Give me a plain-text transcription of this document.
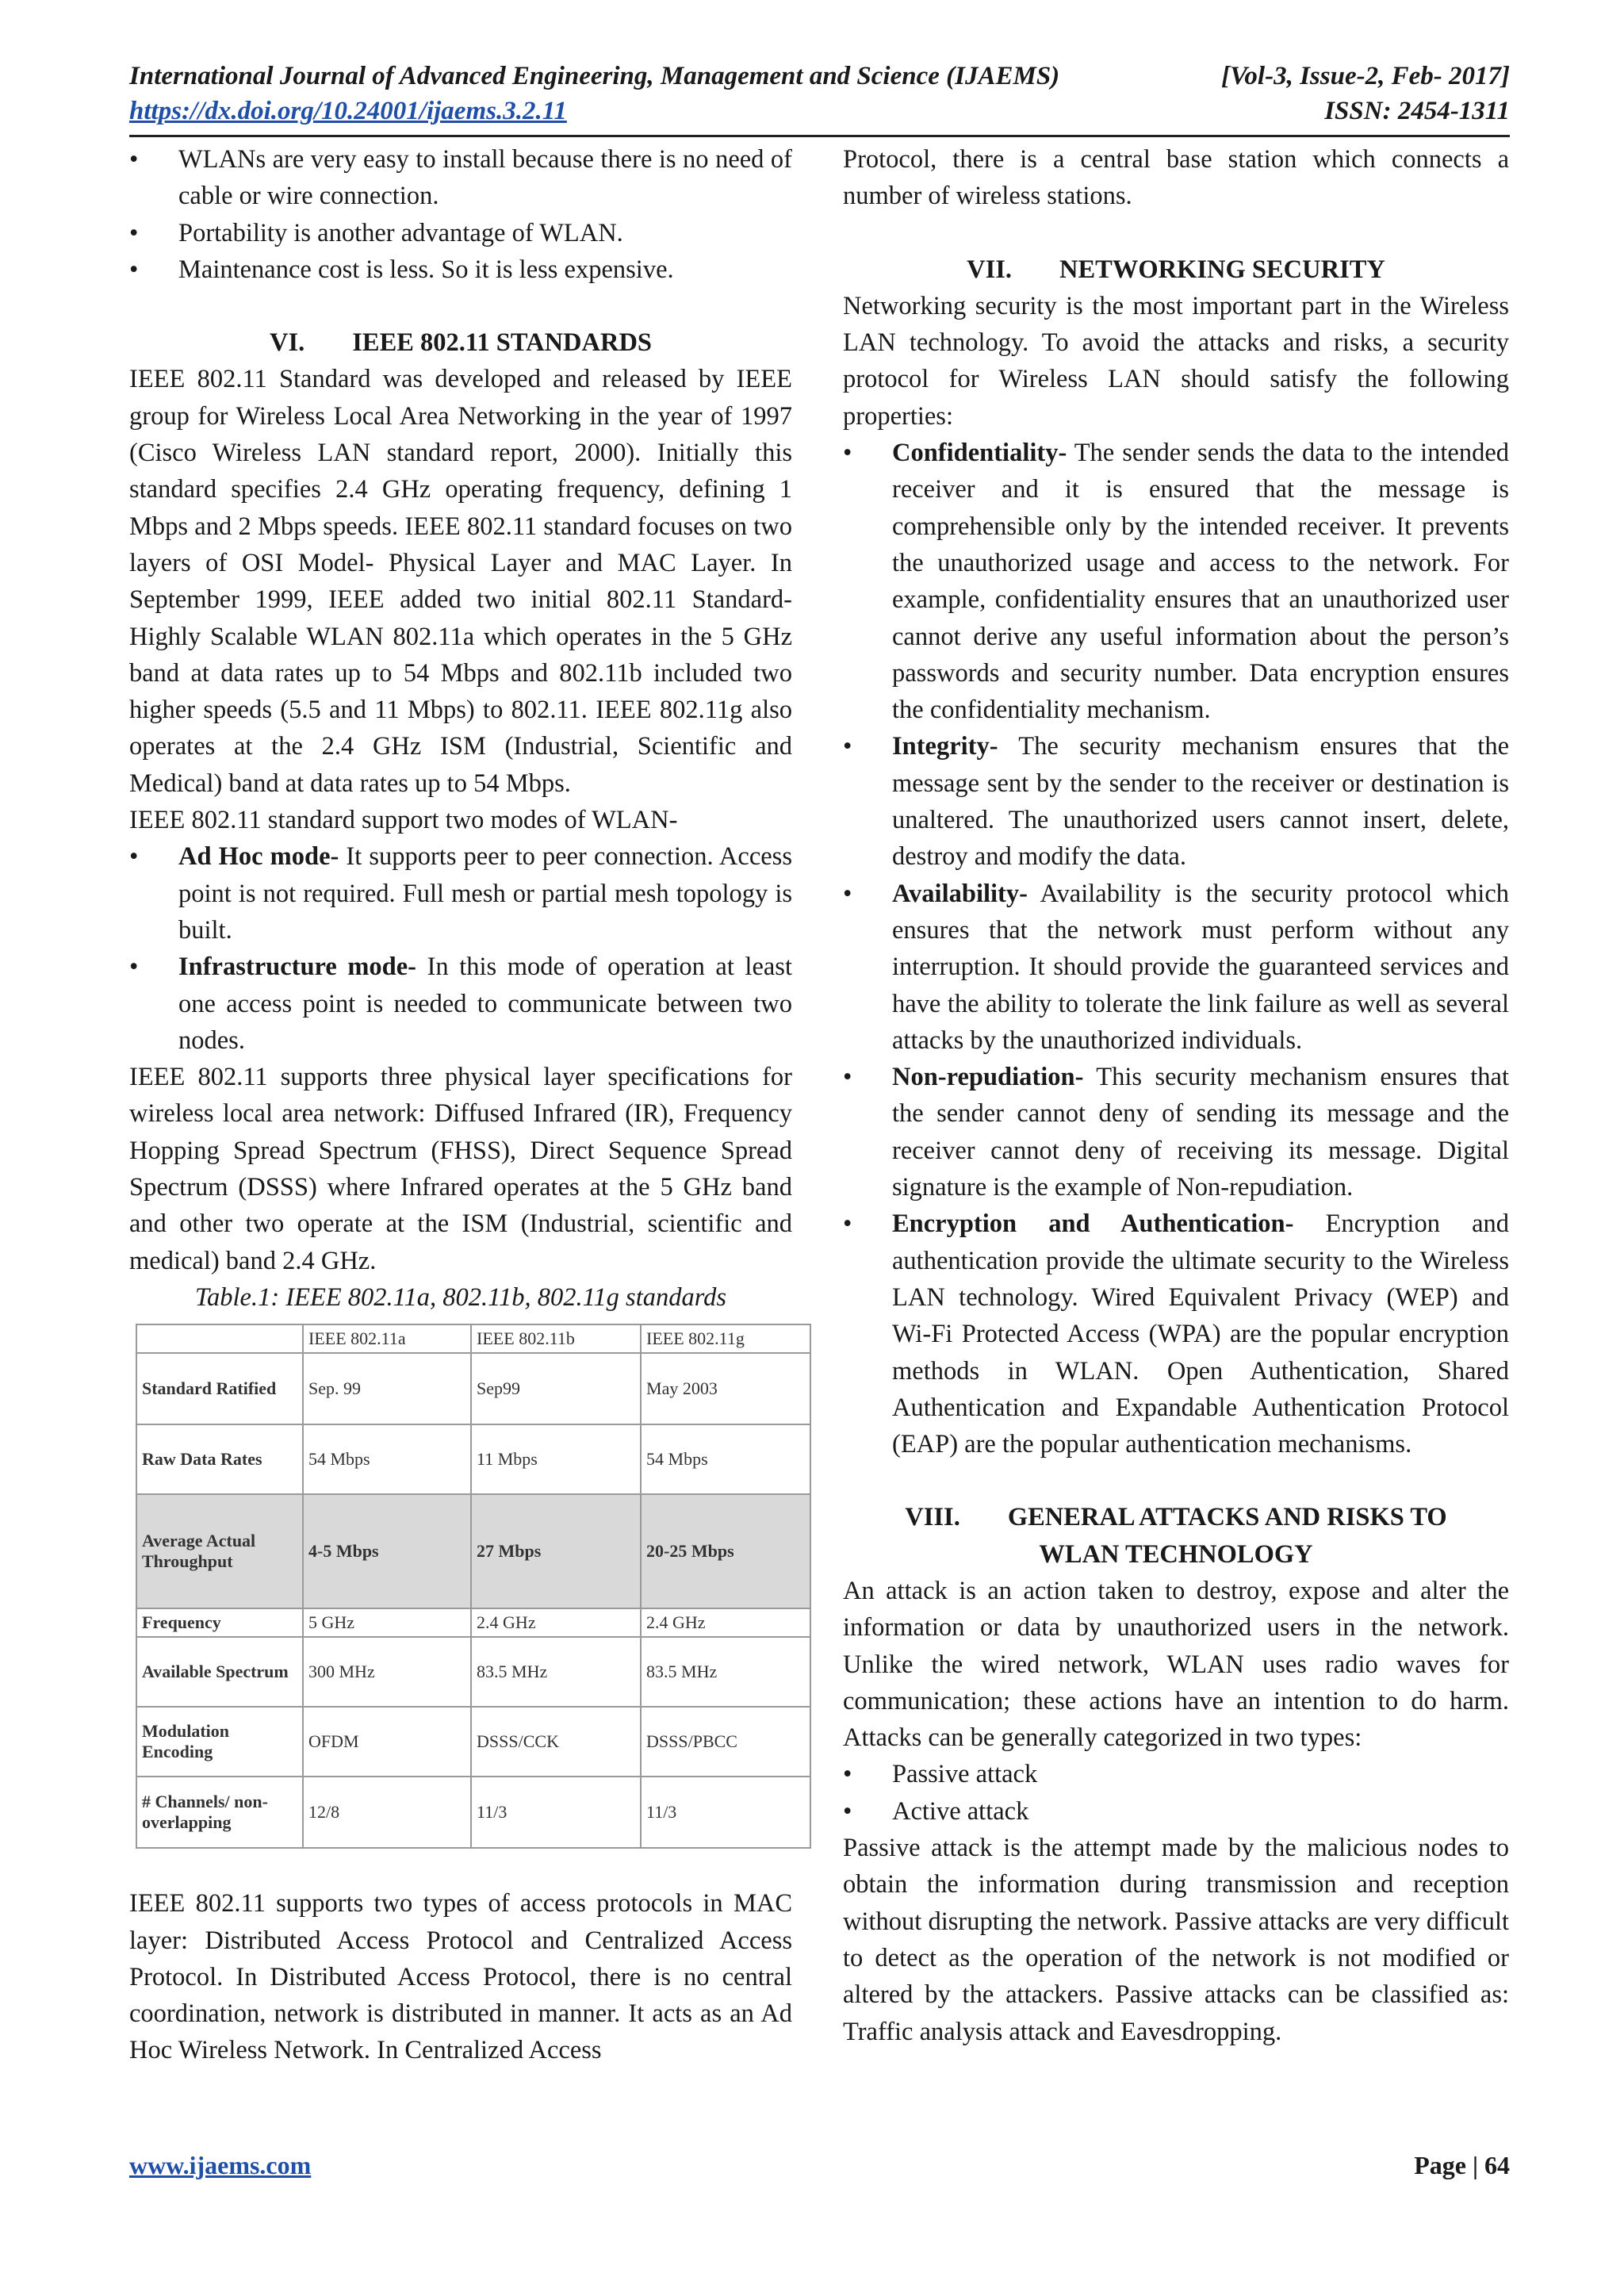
International Journal of Advanced Engineering, Management and Science (IJAEMS)	[Vol-3, Issue-2, Feb- 2017]
https://dx.doi.org/10.24001/ijaems.3.2.11	ISSN: 2454-1311
• WLANs are very easy to install because there is no need of cable or wire connection.
• Portability is another advantage of WLAN.
• Maintenance cost is less. So it is less expensive.

VI. IEEE 802.11 STANDARDS

IEEE 802.11 Standard was developed and released by IEEE group for Wireless Local Area Networking in the year of 1997 (Cisco Wireless LAN standard report, 2000). Initially this standard specifies 2.4 GHz operating frequency, defining 1 Mbps and 2 Mbps speeds. IEEE 802.11 standard focuses on two layers of OSI Model- Physical Layer and MAC Layer. In September 1999, IEEE added two initial 802.11 Standard- Highly Scalable WLAN 802.11a which operates in the 5 GHz band at data rates up to 54 Mbps and 802.11b included two higher speeds (5.5 and 11 Mbps) to 802.11. IEEE 802.11g also operates at the 2.4 GHz ISM (Industrial, Scientific and Medical) band at data rates up to 54 Mbps.

IEEE 802.11 standard support two modes of WLAN-

• Ad Hoc mode- It supports peer to peer connection. Access point is not required. Full mesh or partial mesh topology is built.
• Infrastructure mode- In this mode of operation at least one access point is needed to communicate between two nodes.

IEEE 802.11 supports three physical layer specifications for wireless local area network: Diffused Infrared (IR), Frequency Hopping Spread Spectrum (FHSS), Direct Sequence Spread Spectrum (DSSS) where Infrared operates at the 5 GHz band and other two operate at the ISM (Industrial, scientific and medical) band 2.4 GHz.

Table.1: IEEE 802.11a, 802.11b, 802.11g standards

	IEEE 802.11a	IEEE 802.11b	IEEE 802.11g
Standard Ratified	Sep. 99	Sep99	May 2003
Raw Data Rates	54 Mbps	11 Mbps	54 Mbps
Average Actual Throughput	4-5 Mbps	27 Mbps	20-25 Mbps
Frequency	5 GHz	2.4 GHz	2.4 GHz
Available Spectrum	300 MHz	83.5 MHz	83.5 MHz
Modulation Encoding	OFDM	DSSS/CCK	DSSS/PBCC
# Channels/ non-overlapping	12/8	11/3	11/3

IEEE 802.11 supports two types of access protocols in MAC layer: Distributed Access Protocol and Centralized Access Protocol. In Distributed Access Protocol, there is no central coordination, network is distributed in manner. It acts as an Ad Hoc Wireless Network. In Centralized Access

Protocol, there is a central base station which connects a number of wireless stations.

VII. NETWORKING SECURITY

Networking security is the most important part in the Wireless LAN technology. To avoid the attacks and risks, a security protocol for Wireless LAN should satisfy the following properties:

• Confidentiality- The sender sends the data to the intended receiver and it is ensured that the message is comprehensible only by the intended receiver. It prevents the unauthorized usage and access to the network. For example, confidentiality ensures that an unauthorized user cannot derive any useful information about the person’s passwords and security number. Data encryption ensures the confidentiality mechanism.
• Integrity- The security mechanism ensures that the message sent by the sender to the receiver or destination is unaltered. The unauthorized users cannot insert, delete, destroy and modify the data.
• Availability- Availability is the security protocol which ensures that the network must perform without any interruption. It should provide the guaranteed services and have the ability to tolerate the link failure as well as several attacks by the unauthorized individuals.
• Non-repudiation- This security mechanism ensures that the sender cannot deny of sending its message and the receiver cannot deny of receiving its message. Digital signature is the example of Non-repudiation.
• Encryption and Authentication- Encryption and authentication provide the ultimate security to the Wireless LAN technology. Wired Equivalent Privacy (WEP) and Wi-Fi Protected Access (WPA) are the popular encryption methods in WLAN. Open Authentication, Shared Authentication and Expandable Authentication Protocol (EAP) are the popular authentication mechanisms.

VIII. GENERAL ATTACKS AND RISKS TO

WLAN TECHNOLOGY

An attack is an action taken to destroy, expose and alter the information or data by unauthorized users in the network. Unlike the wired network, WLAN uses radio waves for communication; these actions have an intention to do harm. Attacks can be generally categorized in two types:

• Passive attack
• Active attack

Passive attack is the attempt made by the malicious nodes to obtain the information during transmission and reception without disrupting the network. Passive attacks are very difficult to detect as the operation of the network is not modified or altered by the attackers. Passive attacks can be classified as: Traffic analysis attack and Eavesdropping.

www.ijaems.com	Page | 64
